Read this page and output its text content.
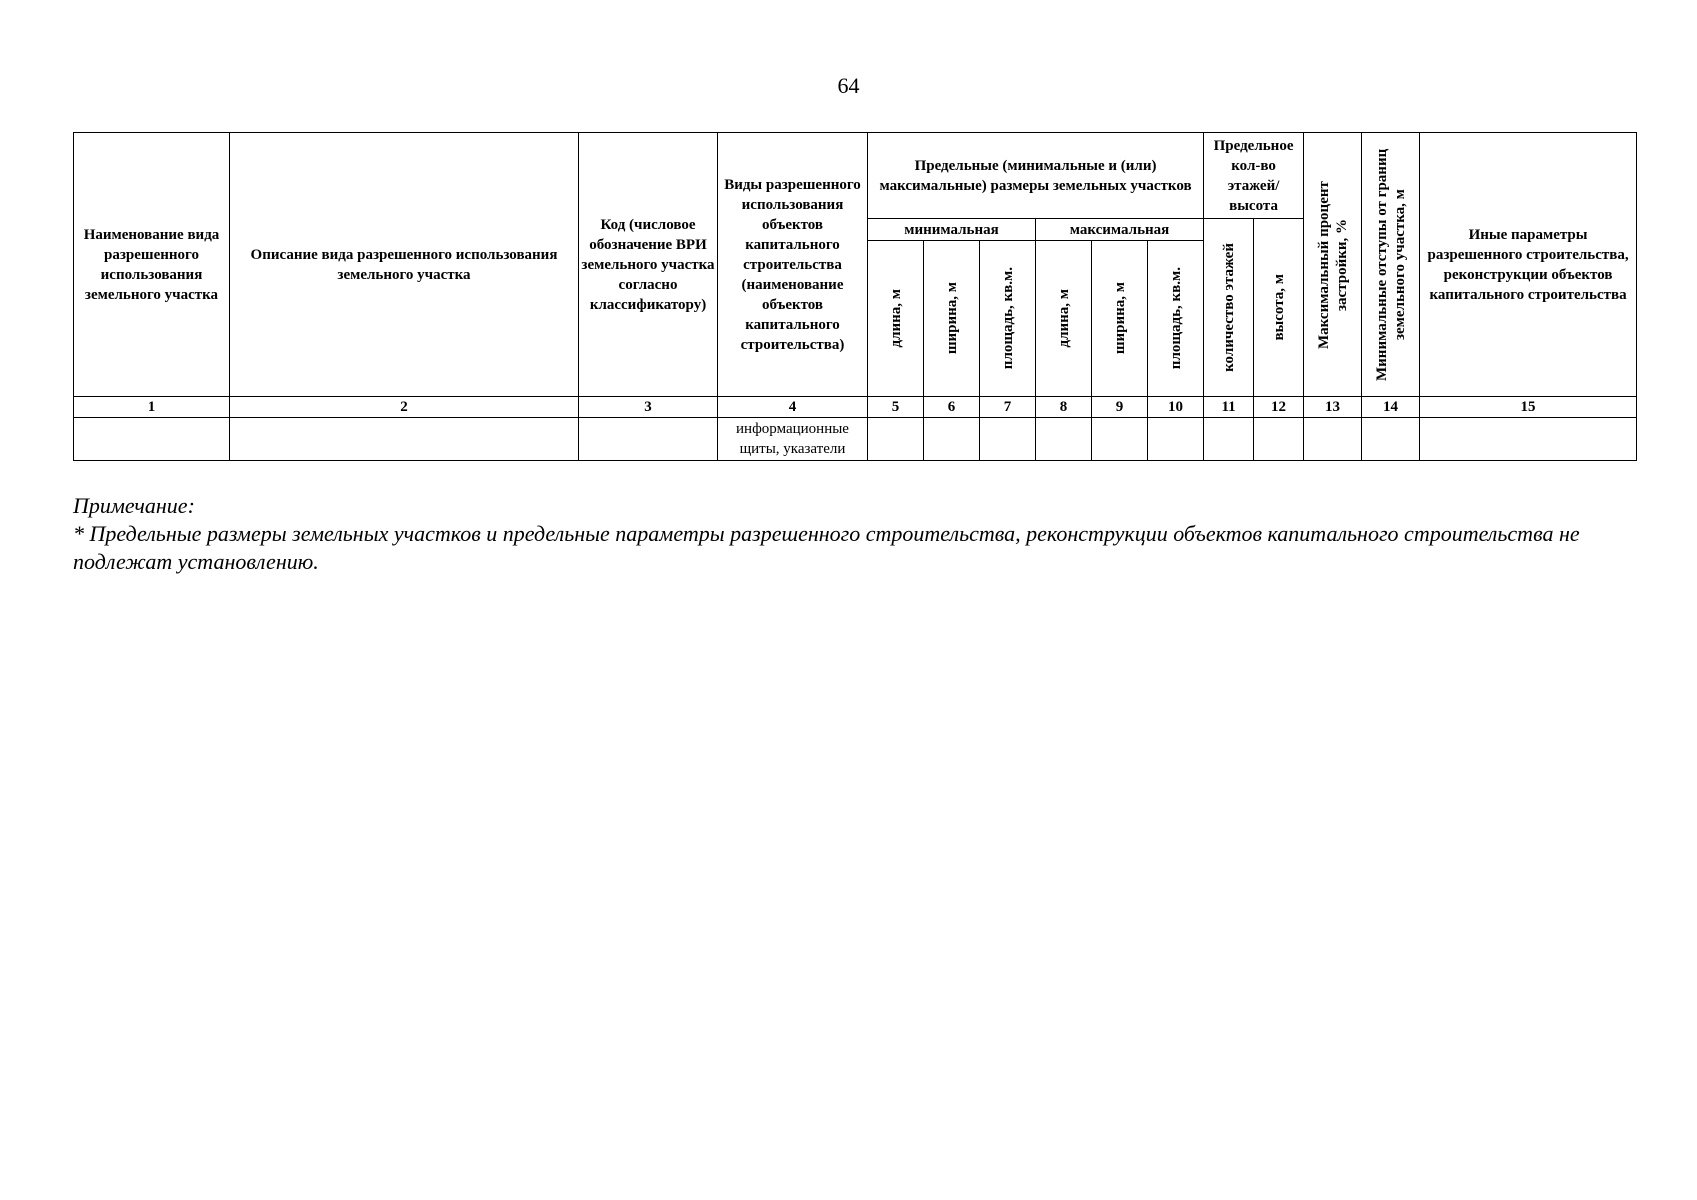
64
Наименование вида разрешенного использования земельного участка	Описание вида разрешенного использования земельного участка	Код (числовое обозначение ВРИ земельного участка согласно классификатору)	Виды разрешенного использования объектов капитального строительства (наименование объектов капитального строительства)	Предельные (минимальные и (или) максимальные) размеры земельных участков						Предельное кол-во этажей/ высота		Максимальный процент застройки, %	Минимальные отступы от границ земельного участка, м	Иные параметры разрешенного строительства, реконструкции объектов капитального строительства
				минимальная			максимальная			количество этажей	высота, м			

				длина, м	ширина, м	площадь, кв.м.	длина, м	ширина, м	площадь, кв.м.					

1	2	3	4	5	6	7	8	9	10	11	12	13	14	15
			информационные щиты, указатели											

Примечание:

* Предельные размеры земельных участков и предельные параметры разрешенного строительства, реконструкции объектов капитального строительства не подлежат установлению.
